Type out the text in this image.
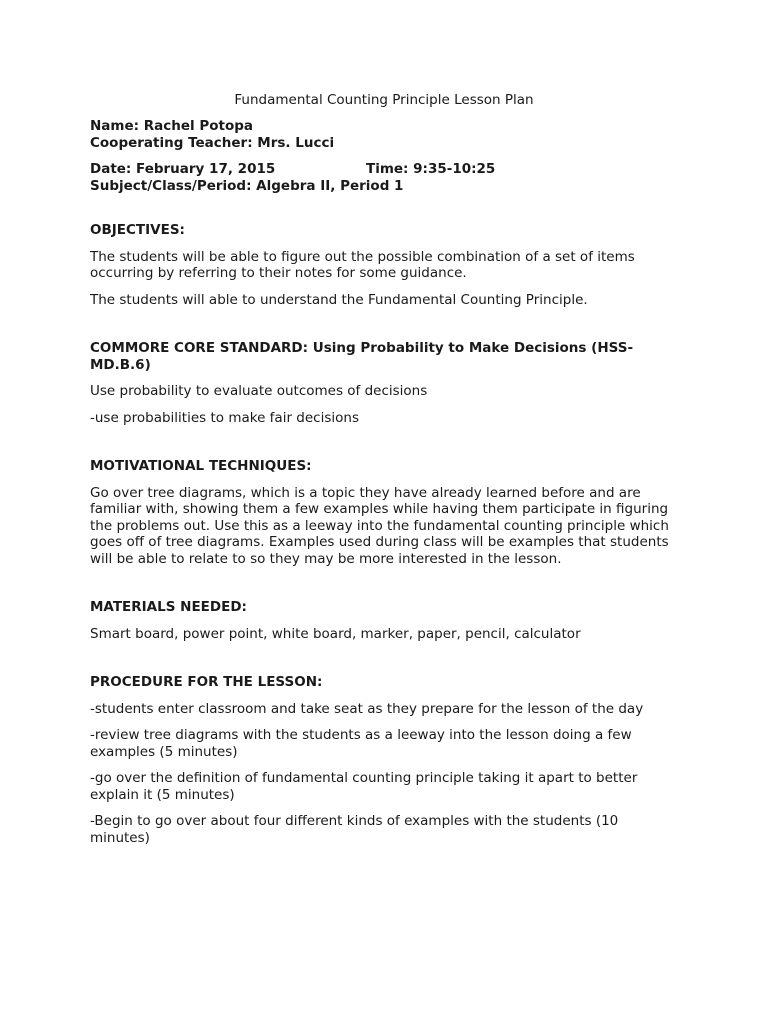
Fundamental Counting Principle Lesson Plan

Name: Rachel Potopa

Cooperating Teacher: Mrs. Lucci

Date: February 17, 2015	Time: 9:35-10:25

Subject/Class/Period: Algebra II, Period 1

OBJECTIVES:

The students will be able to figure out the possible combination of a set of items occurring by referring to their notes for some guidance.

The students will able to understand the Fundamental Counting Principle.

COMMORE CORE STANDARD: Using Probability to Make Decisions (HSS-MD.B.6)

Use probability to evaluate outcomes of decisions

-use probabilities to make fair decisions

MOTIVATIONAL TECHNIQUES:

Go over tree diagrams, which is a topic they have already learned before and are familiar with, showing them a few examples while having them participate in figuring the problems out. Use this as a leeway into the fundamental counting principle which goes off of tree diagrams. Examples used during class will be examples that students will be able to relate to so they may be more interested in the lesson.

MATERIALS NEEDED:

Smart board, power point, white board, marker, paper, pencil, calculator

PROCEDURE FOR THE LESSON:

-students enter classroom and take seat as they prepare for the lesson of the day

-review tree diagrams with the students as a leeway into the lesson doing a few examples (5 minutes)

-go over the definition of fundamental counting principle taking it apart to better explain it (5 minutes)

-Begin to go over about four different kinds of examples with the students (10 minutes)
